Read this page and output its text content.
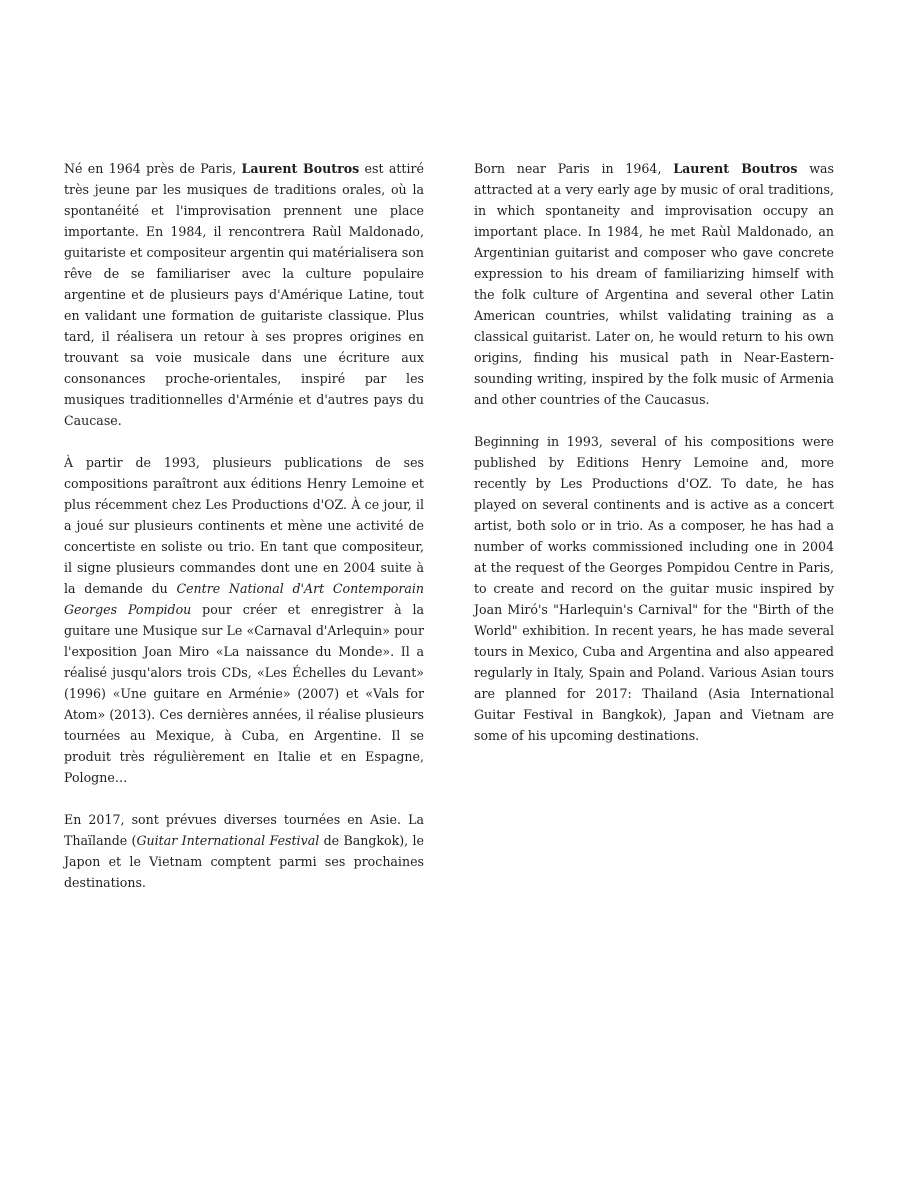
Né en 1964 près de Paris, Laurent Boutros est attiré très jeune par les musiques de traditions orales, où la spontanéité et l'improvisation prennent une place importante. En 1984, il rencontrera Raùl Maldonado, guitariste et compositeur argentin qui matérialisera son rêve de se familiariser avec la culture populaire argentine et de plusieurs pays d'Amérique Latine, tout en validant une formation de guitariste classique. Plus tard, il réalisera un retour à ses propres origines en trouvant sa voie musicale dans une écriture aux consonances proche-orientales, inspiré par les musiques traditionnelles d'Arménie et d'autres pays du Caucase.

À partir de 1993, plusieurs publications de ses compositions paraîtront aux éditions Henry Lemoine et plus récemment chez Les Productions d'OZ. À ce jour, il a joué sur plusieurs continents et mène une activité de concertiste en soliste ou trio. En tant que compositeur, il signe plusieurs commandes dont une en 2004 suite à la demande du Centre National d'Art Contemporain Georges Pompidou pour créer et enregistrer à la guitare une Musique sur Le «Carnaval d'Arlequin» pour l'exposition Joan Miro «La naissance du Monde». Il a réalisé jusqu'alors trois CDs, «Les Échelles du Levant» (1996) «Une guitare en Arménie» (2007) et «Vals for Atom» (2013). Ces dernières années, il réalise plusieurs tournées au Mexique, à Cuba, en Argentine. Il se produit très régulièrement en Italie et en Espagne, Pologne…

En 2017, sont prévues diverses tournées en Asie. La Thaïlande (Guitar International Festival de Bangkok), le Japon et le Vietnam comptent parmi ses prochaines destinations.

Born near Paris in 1964, Laurent Boutros was attracted at a very early age by music of oral traditions, in which spontaneity and improvisation occupy an important place. In 1984, he met Raùl Maldonado, an Argentinian guitarist and composer who gave concrete expression to his dream of familiarizing himself with the folk culture of Argentina and several other Latin American countries, whilst validating training as a classical guitarist. Later on, he would return to his own origins, finding his musical path in Near-Eastern-sounding writing, inspired by the folk music of Armenia and other countries of the Caucasus.

Beginning in 1993, several of his compositions were published by Editions Henry Lemoine and, more recently by Les Productions d'OZ. To date, he has played on several continents and is active as a concert artist, both solo or in trio. As a composer, he has had a number of works commissioned including one in 2004 at the request of the Georges Pompidou Centre in Paris, to create and record on the guitar music inspired by Joan Miró's "Harlequin's Carnival" for the "Birth of the World" exhibition. In recent years, he has made several tours in Mexico, Cuba and Argentina and also appeared regularly in Italy, Spain and Poland. Various Asian tours are planned for 2017: Thailand (Asia International Guitar Festival in Bangkok), Japan and Vietnam are some of his upcoming destinations.
